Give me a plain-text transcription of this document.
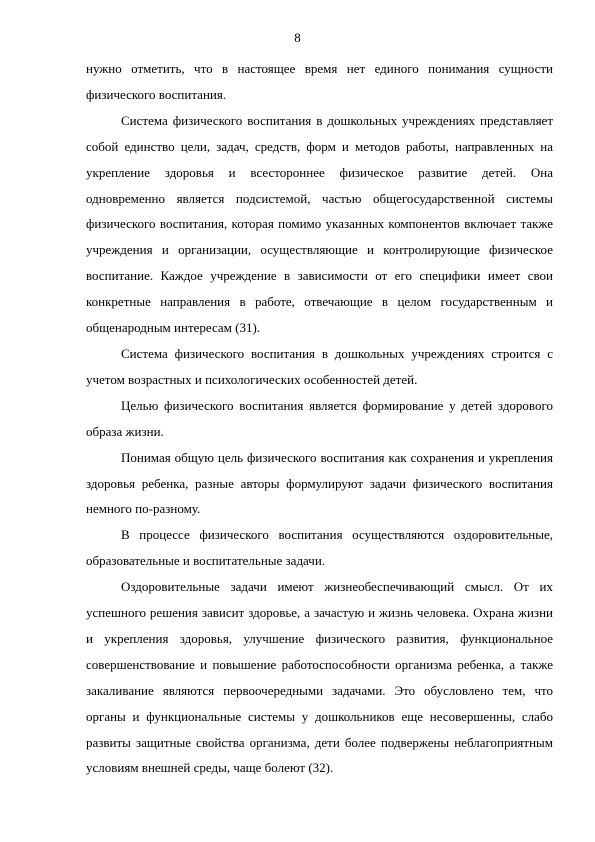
8

нужно отметить, что в настоящее время нет единого понимания сущности физического воспитания.

Система физического воспитания в дошкольных учреждениях представляет собой единство цели, задач, средств, форм и методов работы, направленных на укрепление здоровья и всестороннее физическое развитие детей. Она одновременно является подсистемой, частью общегосударственной системы физического воспитания, которая помимо указанных компонентов включает также учреждения и организации, осуществляющие и контролирующие физическое воспитание. Каждое учреждение в зависимости от его специфики имеет свои конкретные направления в работе, отвечающие в целом государственным и общенародным интересам (31).

Система физического воспитания в дошкольных учреждениях строится с учетом возрастных и психологических особенностей детей.

Целью физического воспитания является формирование у детей здорового образа жизни.

Понимая общую цель физического воспитания как сохранения и укрепления здоровья ребенка, разные авторы формулируют задачи физического воспитания немного по-разному.

В процессе физического воспитания осуществляются оздоровительные, образовательные и воспитательные задачи.

Оздоровительные задачи имеют жизнеобеспечивающий смысл. От их успешного решения зависит здоровье, а зачастую и жизнь человека. Охрана жизни и укрепления здоровья, улучшение физического развития, функциональное совершенствование и повышение работоспособности организма ребенка, а также закаливание являются первоочередными задачами. Это обусловлено тем, что органы и функциональные системы у дошкольников еще несовершенны, слабо развиты защитные свойства организма, дети более подвержены неблагоприятным условиям внешней среды, чаще болеют (32).
